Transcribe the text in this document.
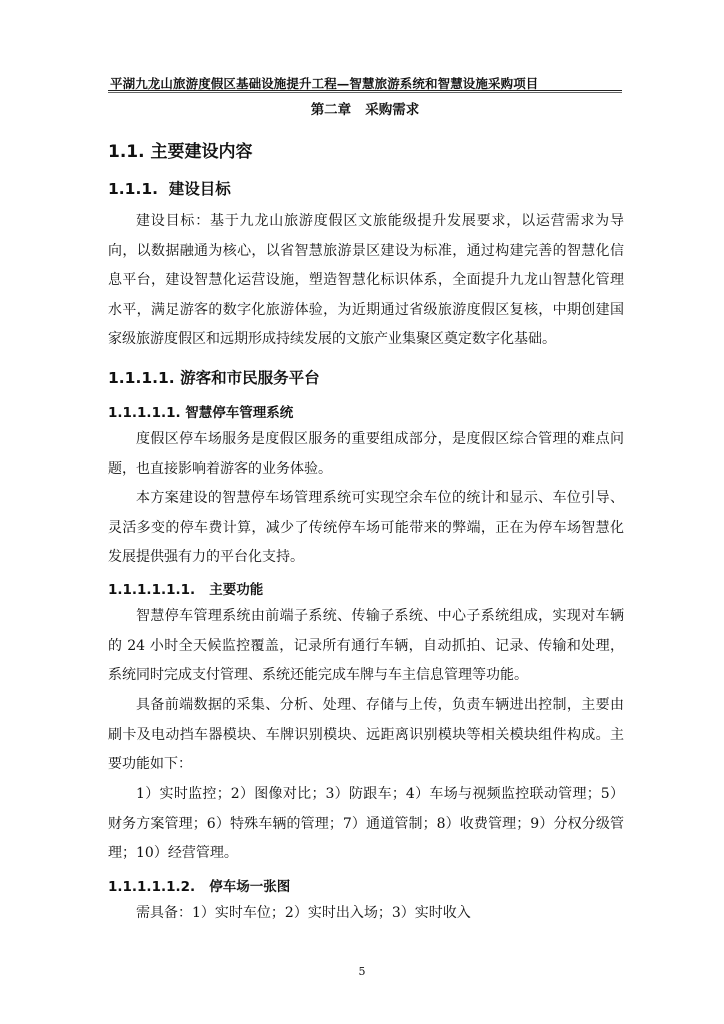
平湖九龙山旅游度假区基础设施提升工程—智慧旅游系统和智慧设施采购项目
第二章   采购需求
1.1. 主要建设内容
1.1.1.  建设目标

建设目标：基于九龙山旅游度假区文旅能级提升发展要求，以运营需求为导向，以数据融通为核心，以省智慧旅游景区建设为标准，通过构建完善的智慧化信息平台，建设智慧化运营设施，塑造智慧化标识体系，全面提升九龙山智慧化管理水平，满足游客的数字化旅游体验，为近期通过省级旅游度假区复核，中期创建国家级旅游度假区和远期形成持续发展的文旅产业集聚区奠定数字化基础。

1.1.1.1. 游客和市民服务平台
1.1.1.1.1. 智慧停车管理系统

度假区停车场服务是度假区服务的重要组成部分，是度假区综合管理的难点问题，也直接影响着游客的业务体验。

本方案建设的智慧停车场管理系统可实现空余车位的统计和显示、车位引导、灵活多变的停车费计算，减少了传统停车场可能带来的弊端，正在为停车场智慧化发展提供强有力的平台化支持。

1.1.1.1.1.1.   主要功能

智慧停车管理系统由前端子系统、传输子系统、中心子系统组成，实现对车辆的 24 小时全天候监控覆盖，记录所有通行车辆，自动抓拍、记录、传输和处理，系统同时完成支付管理、系统还能完成车牌与车主信息管理等功能。

具备前端数据的采集、分析、处理、存储与上传，负责车辆进出控制，主要由刷卡及电动挡车器模块、车牌识别模块、远距离识别模块等相关模块组件构成。主要功能如下：

1）实时监控；2）图像对比；3）防跟车；4）车场与视频监控联动管理；5）财务方案管理；6）特殊车辆的管理；7）通道管制；8）收费管理；9）分权分级管理；10）经营管理。

1.1.1.1.1.2.   停车场一张图

需具备：1）实时车位；2）实时出入场；3）实时收入

5
